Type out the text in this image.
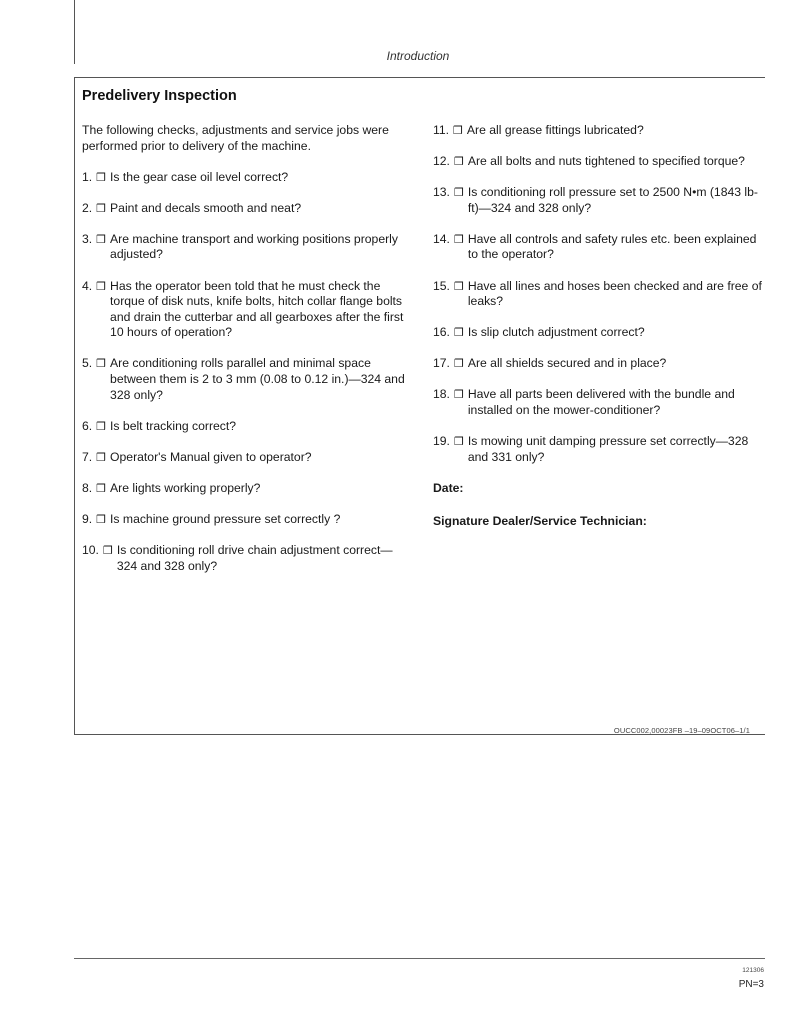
Introduction
Predelivery Inspection
The following checks, adjustments and service jobs were performed prior to delivery of the machine.
1. ❒ Is the gear case oil level correct?
2. ❒ Paint and decals smooth and neat?
3. ❒ Are machine transport and working positions properly adjusted?
4. ❒ Has the operator been told that he must check the torque of disk nuts, knife bolts, hitch collar flange bolts and drain the cutterbar and all gearboxes after the first 10 hours of operation?
5. ❒ Are conditioning rolls parallel and minimal space between them is 2 to 3 mm (0.08 to 0.12 in.)—324 and 328 only?
6. ❒ Is belt tracking correct?
7. ❒ Operator's Manual given to operator?
8. ❒ Are lights working properly?
9. ❒ Is machine ground pressure set correctly ?
10. ❒ Is conditioning roll drive chain adjustment correct—324 and 328 only?
11. ❒ Are all grease fittings lubricated?
12. ❒ Are all bolts and nuts tightened to specified torque?
13. ❒ Is conditioning roll pressure set to 2500 N•m (1843 lb-ft)—324 and 328 only?
14. ❒ Have all controls and safety rules etc. been explained to the operator?
15. ❒ Have all lines and hoses been checked and are free of leaks?
16. ❒ Is slip clutch adjustment correct?
17. ❒ Are all shields secured and in place?
18. ❒ Have all parts been delivered with the bundle and installed on the mower-conditioner?
19. ❒ Is mowing unit damping pressure set correctly—328 and 331 only?
Date:
Signature Dealer/Service Technician:
OUCC002,00023FB –19–09OCT06–1/1
121306
PN=3
